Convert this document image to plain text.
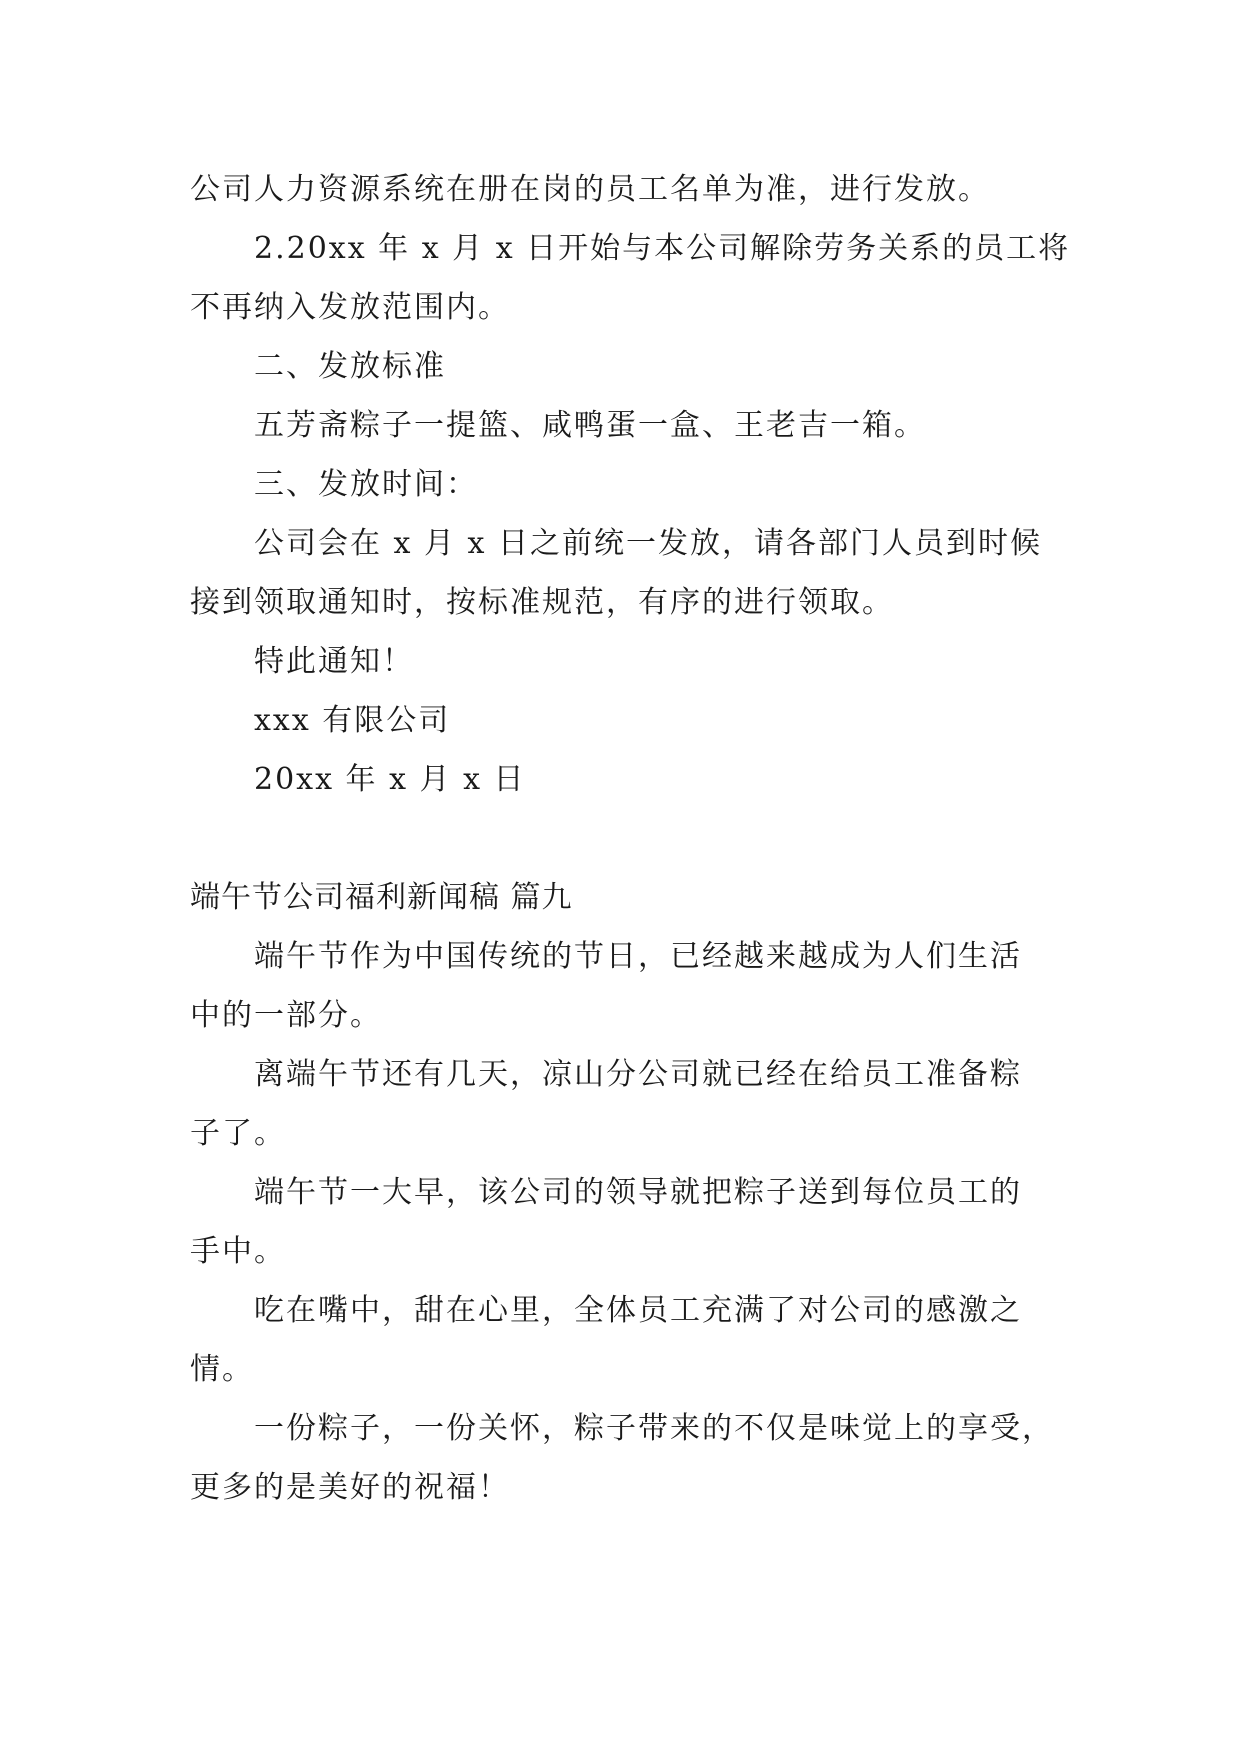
公司人力资源系统在册在岗的员工名单为准，进行发放。
2.20xx 年 x 月 x 日开始与本公司解除劳务关系的员工将
不再纳入发放范围内。
二、发放标准
五芳斋粽子一提篮、咸鸭蛋一盒、王老吉一箱。
三、发放时间：
公司会在 x 月 x 日之前统一发放，请各部门人员到时候
接到领取通知时，按标准规范，有序的进行领取。
特此通知！
xxx 有限公司
20xx 年 x 月 x 日
端午节公司福利新闻稿 篇九
端午节作为中国传统的节日，已经越来越成为人们生活
中的一部分。
离端午节还有几天，凉山分公司就已经在给员工准备粽
子了。
端午节一大早，该公司的领导就把粽子送到每位员工的
手中。
吃在嘴中，甜在心里，全体员工充满了对公司的感激之
情。
一份粽子，一份关怀，粽子带来的不仅是味觉上的享受，
更多的是美好的祝福！
